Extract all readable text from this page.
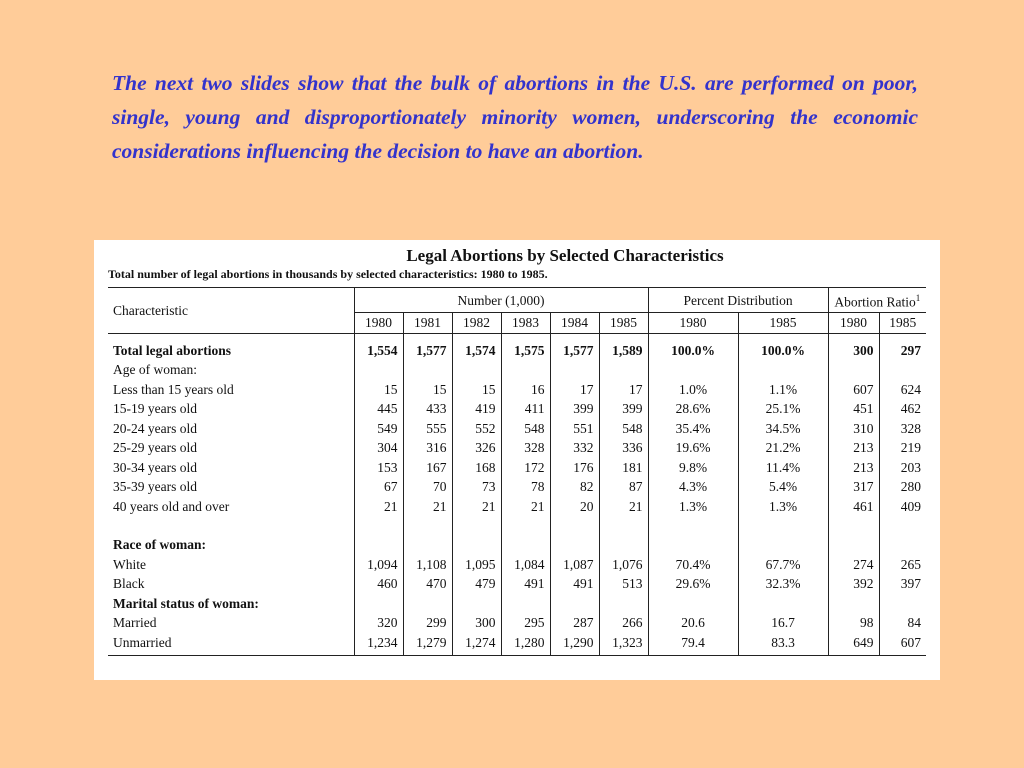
The next two slides show that the bulk of abortions in the U.S. are performed on poor, single, young and disproportionately minority women, underscoring the economic considerations influencing the decision to have an abortion.

Legal Abortions by Selected Characteristics
Total number of legal abortions in thousands by selected characteristics: 1980 to 1985.
Characteristic	Number (1,000)						Percent Distribution		Abortion Ratio$^1$
	1980	1981	1982	1983	1984	1985	1980	1985	1980	1985
Total legal abortions	1,554	1,577	1,574	1,575	1,577	1,589	100.0%	100.0%	300	297
Age of woman:										
Less than 15 years old	15	15	15	16	17	17	1.0%	1.1%	607	624
15-19 years old	445	433	419	411	399	399	28.6%	25.1%	451	462
20-24 years old	549	555	552	548	551	548	35.4%	34.5%	310	328
25-29 years old	304	316	326	328	332	336	19.6%	21.2%	213	219
30-34 years old	153	167	168	172	176	181	9.8%	11.4%	213	203
35-39 years old	67	70	73	78	82	87	4.3%	5.4%	317	280
40 years old and over	21	21	21	21	20	21	1.3%	1.3%	461	409

Race of woman:										
White	1,094	1,108	1,095	1,084	1,087	1,076	70.4%	67.7%	274	265
Black	460	470	479	491	491	513	29.6%	32.3%	392	397
Marital status of woman:										
Married	320	299	300	295	287	266	20.6	16.7	98	84
Unmarried	1,234	1,279	1,274	1,280	1,290	1,323	79.4	83.3	649	607
